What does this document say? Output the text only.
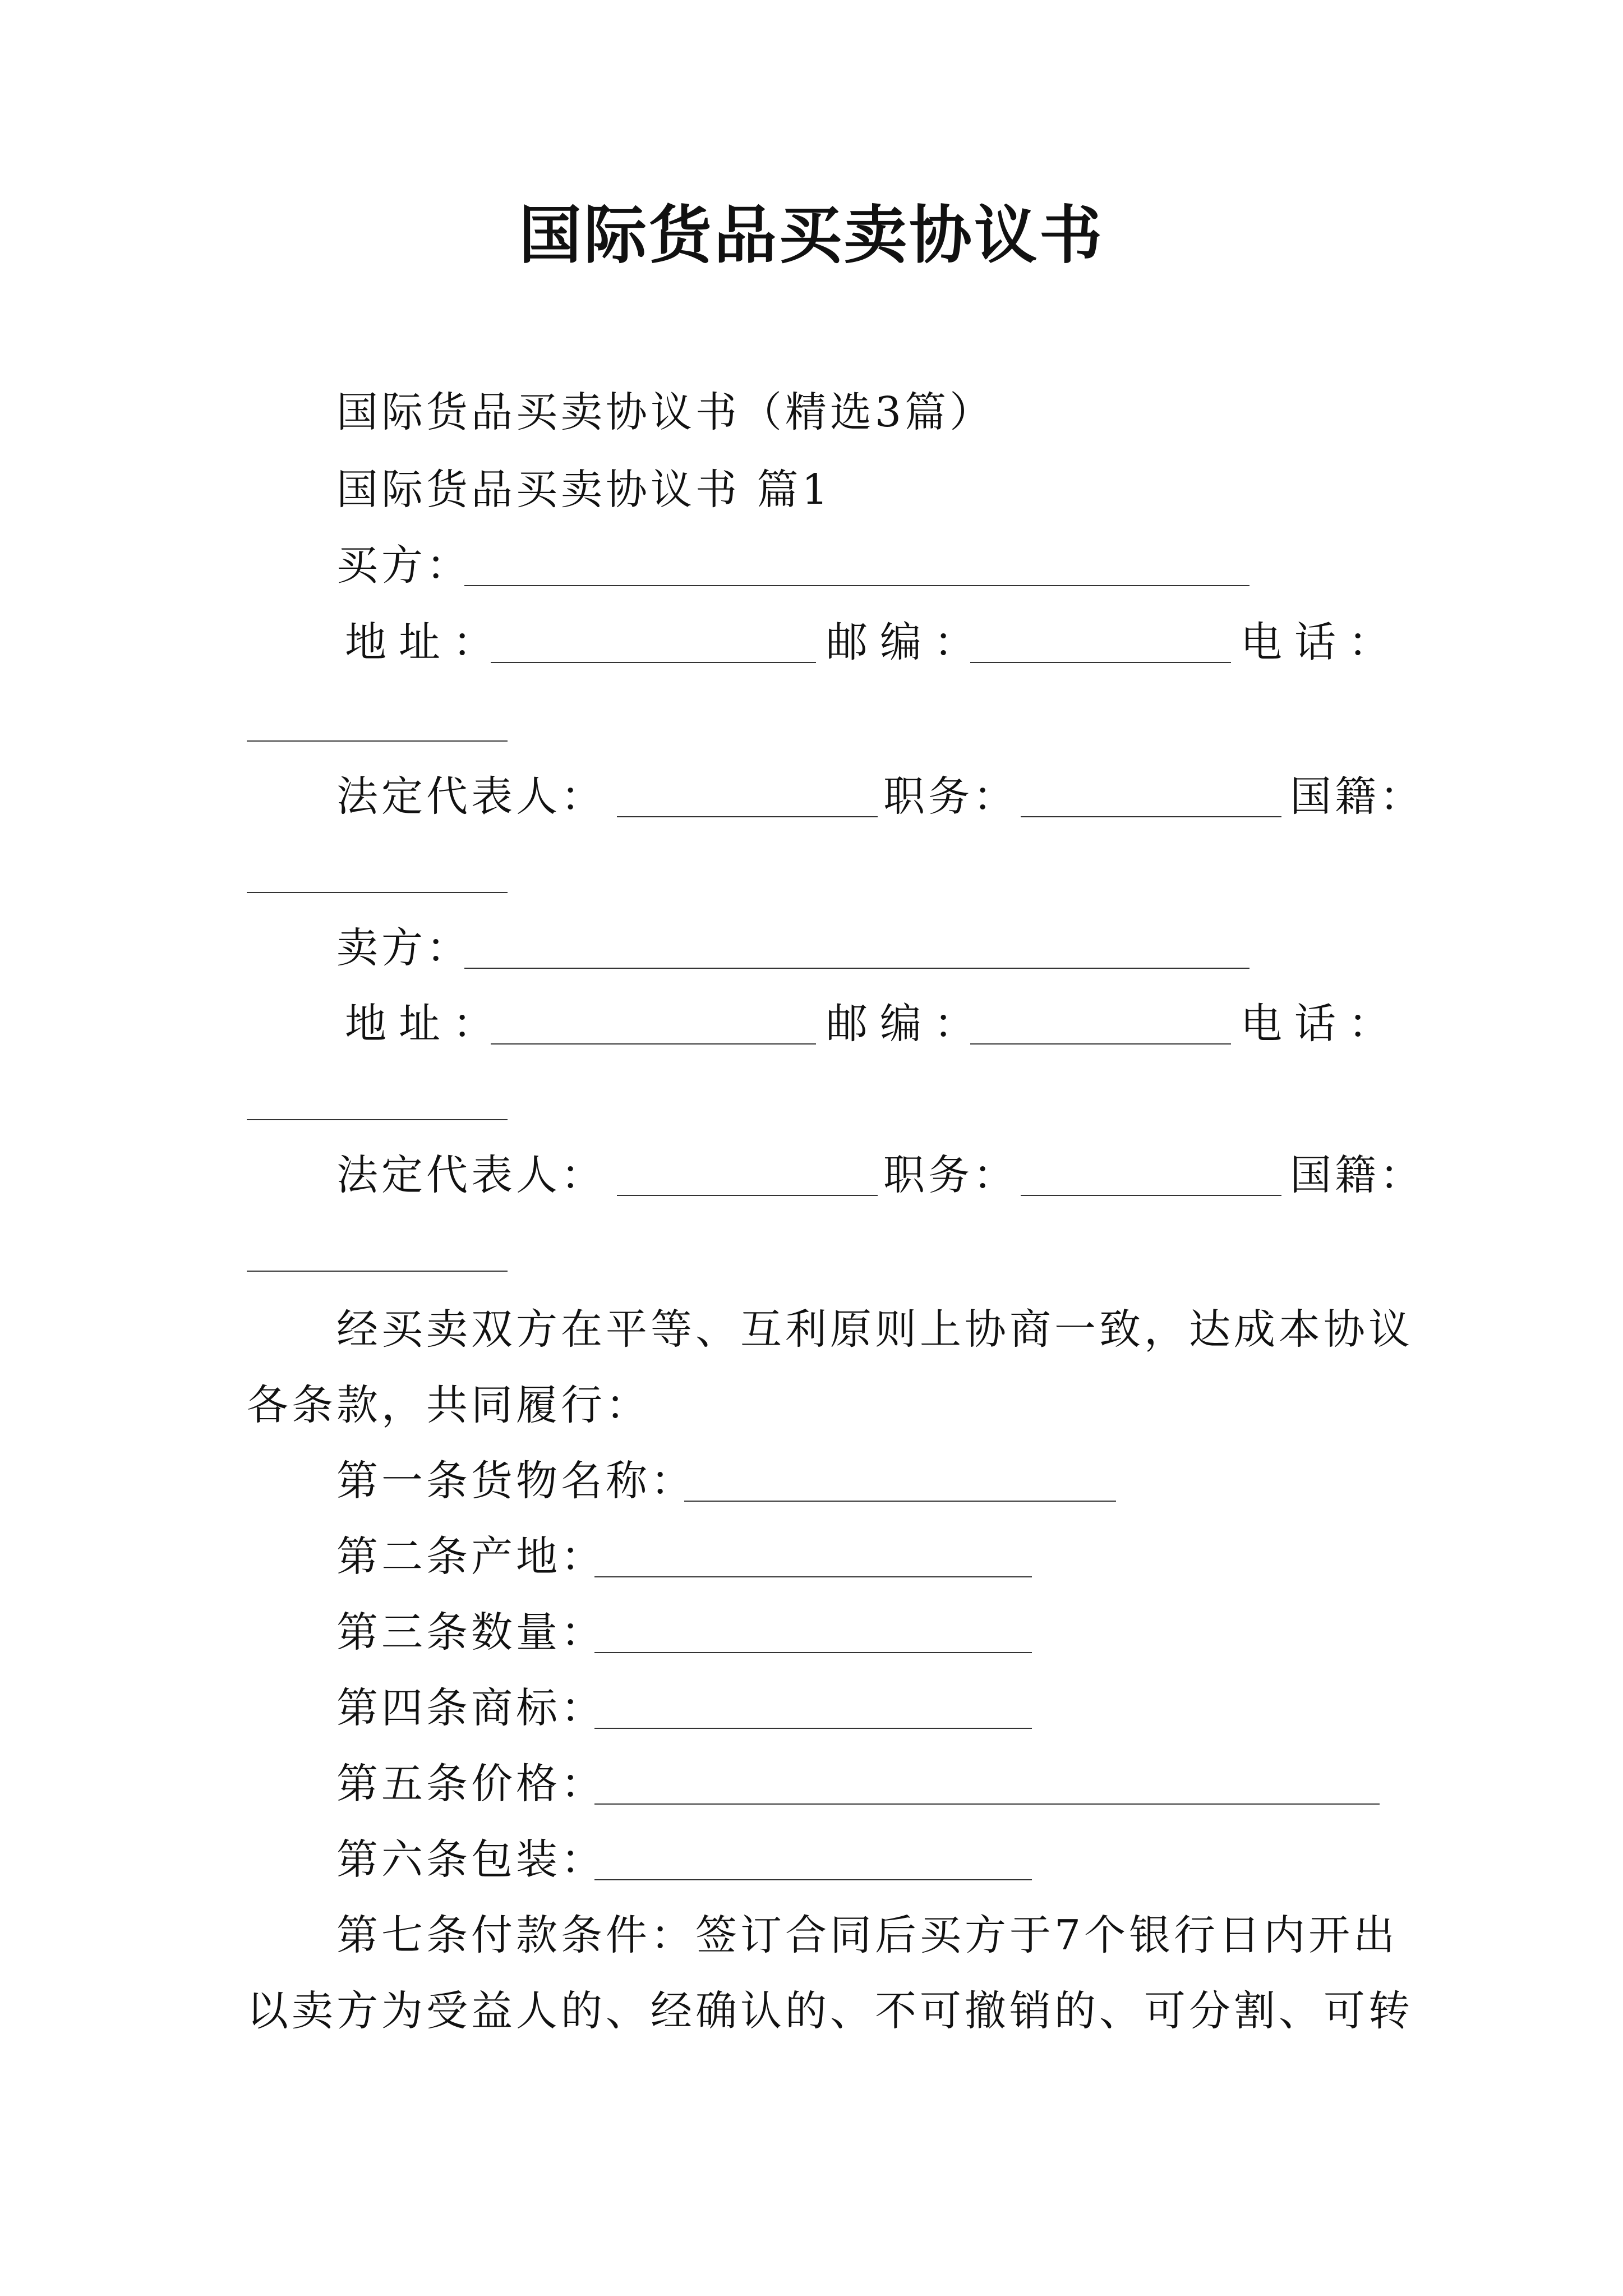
国际货品买卖协议书
国际货品买卖协议书（精选3篇）
国际货品买卖协议书 篇1
买方：
地址：	邮编：	电话：
法定代表人：	职务：	国籍：
卖方：
地址：	邮编：	电话：
法定代表人：	职务：	国籍：
经买卖双方在平等、互利原则上协商一致，达成本协议
各条款，共同履行：
第一条货物名称：
第二条产地：
第三条数量：
第四条商标：
第五条价格：
第六条包装：
第七条付款条件：签订合同后买方于7个银行日内开出
以卖方为受益人的、经确认的、不可撤销的、可分割、可转
